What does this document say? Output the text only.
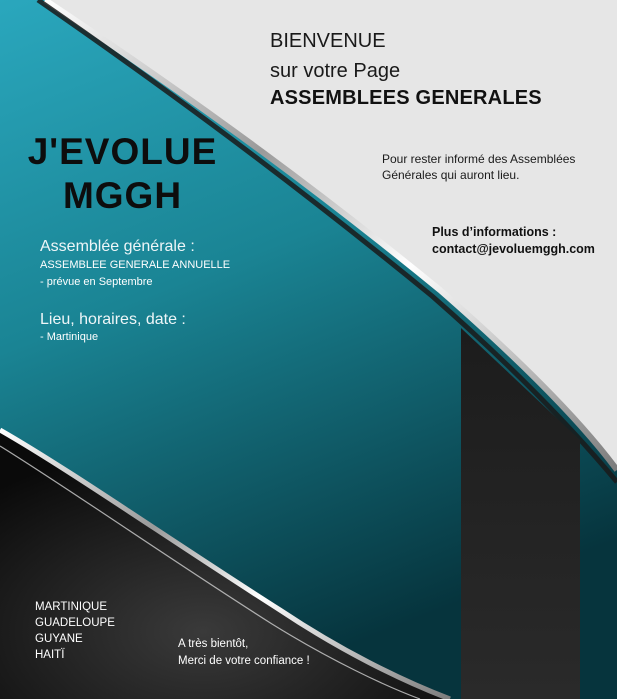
BIENVENUE

sur votre Page

ASSEMBLEES GENERALES

J'EVOLUE
MGGH
Pour rester informé des Assemblées
Générales qui auront lieu.

Plus d’informations :

contact@jevoluemggh.com

Assemblée générale :

ASSEMBLEE GENERALE ANNUELLE

- prévue en Septembre

Lieu, horaires, date :

- Martinique

MARTINIQUE
GUADELOUPE
GUYANE
HAITÏ
A très bientôt,
Merci de votre confiance !
